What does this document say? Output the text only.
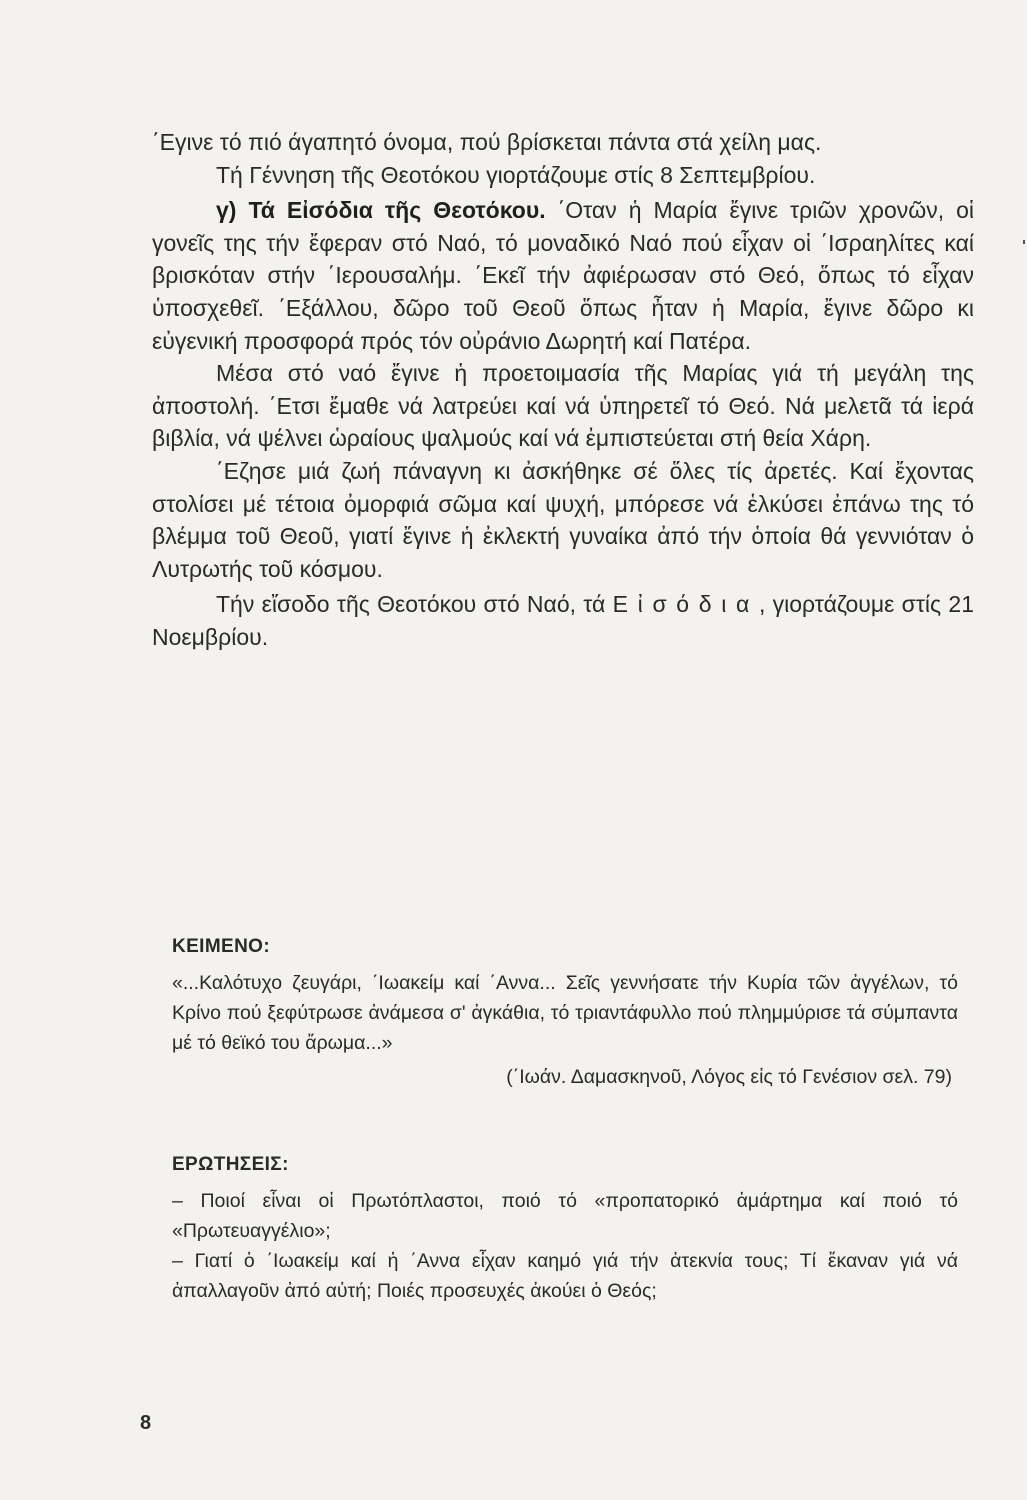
΄Εγινε τό πιό άγαπητό όνομα, πού βρίσκεται πάντα στά χείλη μας.

Τή Γέννηση τῆς Θεοτόκου γιορτάζουμε στίς 8 Σεπτεμβρίου.

γ) Τά Εἰσόδια τῆς Θεοτόκου. ΄Οταν ἡ Μαρία ἔγινε τριῶν χρονῶν, οἱ γονεῖς της τήν ἔφεραν στό Ναό, τό μοναδικό Ναό πού εἶχαν οἱ ΄Ισραηλίτες καί βρισκόταν στήν ΄Ιερουσαλήμ. ΄Εκεῖ τήν ἀφιέρωσαν στό Θεό, ὅπως τό εἶχαν ὑποσχεθεῖ. ΄Εξάλλου, δῶρο τοῦ Θεοῦ ὅπως ἦταν ἡ Μαρία, ἔγινε δῶρο κι εὐγενική προσφορά πρός τόν οὐράνιο Δωρητή καί Πατέρα.

Μέσα στό ναό ἔγινε ἡ προετοιμασία τῆς Μαρίας γιά τή μεγάλη της ἀποστολή. ΄Ετσι ἔμαθε νά λατρεύει καί νά ὑπηρετεῖ τό Θεό. Νά μελετᾶ τά ἱερά βιβλία, νά ψέλνει ὡραίους ψαλμούς καί νά ἐμπιστεύεται στή θεία Χάρη.

΄Εζησε μιά ζωή πάναγνη κι ἀσκήθηκε σέ ὅλες τίς ἀρετές. Καί ἔχοντας στολίσει μέ τέτοια ὀμορφιά σῶμα καί ψυχή, μπόρεσε νά ἑλκύσει ἐπάνω της τό βλέμμα τοῦ Θεοῦ, γιατί ἔγινε ἡ ἐκλεκτή γυναίκα ἀπό τήν ὁποία θά γεννιόταν ὁ Λυτρωτής τοῦ κόσμου.

Τήν εἴσοδο τῆς Θεοτόκου στό Ναό, τά Εἰσόδια, γιορτάζουμε στίς 21 Νοεμβρίου.

ΚΕΙΜΕΝΟ:

«...Καλότυχο ζευγάρι, ΄Ιωακείμ καί ΄Αννα... Σεῖς γεννήσατε τήν Κυρία τῶν ἀγγέλων, τό Κρίνο πού ξεφύτρωσε ἀνάμεσα σ' ἀγκάθια, τό τριαντάφυλλο πού πλημμύρισε τά σύμπαντα μέ τό θεϊκό του ἄρωμα...»

(΄Ιωάν. Δαμασκηνοῦ, Λόγος εἰς τό Γενέσιον σελ. 79)

ΕΡΩΤΗΣΕΙΣ:

– Ποιοί εἶναι οἱ Πρωτόπλαστοι, ποιό τό «προπατορικό ἁμάρτημα καί ποιό τό «Πρωτευαγγέλιο»;

– Γιατί ὁ ΄Ιωακείμ καί ἡ ΄Αννα εἶχαν καημό γιά τήν ἀτεκνία τους; Τί ἔκαναν γιά νά ἀπαλλαγοῦν ἀπό αὐτή; Ποιές προσευχές ἀκούει ὁ Θεός;

8
